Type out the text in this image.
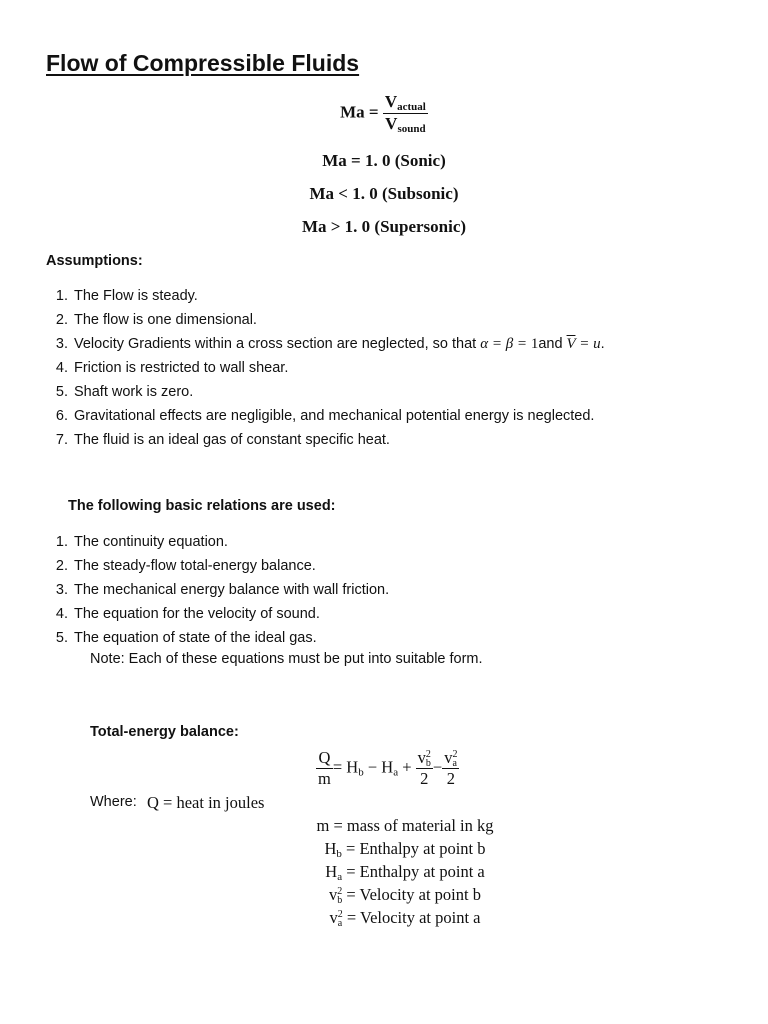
Flow of Compressible Fluids
$Ma = \frac{V_{actual}}{V_{sound}}$
Ma = 1. 0 (Sonic)
Ma < 1. 0 (Subsonic)
Ma > 1. 0 (Supersonic)
Assumptions:
1. The Flow is steady.
2. The flow is one dimensional.
3. Velocity Gradients within a cross section are neglected, so that α = β = 1and $\overline{V} = u$.
4. Friction is restricted to wall shear.
5. Shaft work is zero.
6. Gravitational effects are negligible, and mechanical potential energy is neglected.
7. The fluid is an ideal gas of constant specific heat.
The following basic relations are used:
1. The continuity equation.
2. The steady-flow total-energy balance.
3. The mechanical energy balance with wall friction.
4. The equation for the velocity of sound.
5. The equation of state of the ideal gas.
Note: Each of these equations must be put into suitable form.
Total-energy balance:
$\frac{Q}{m} = H_b - H_a + v$ 2
b
2 − v 2
a
2
Where: Q = heat in joules
m = mass of material in kg
$H_b$ = Enthalpy at point b
$H_a$ = Enthalpy at point a
v 2
b = Velocity at point b
v 2
a = Velocity at point a
